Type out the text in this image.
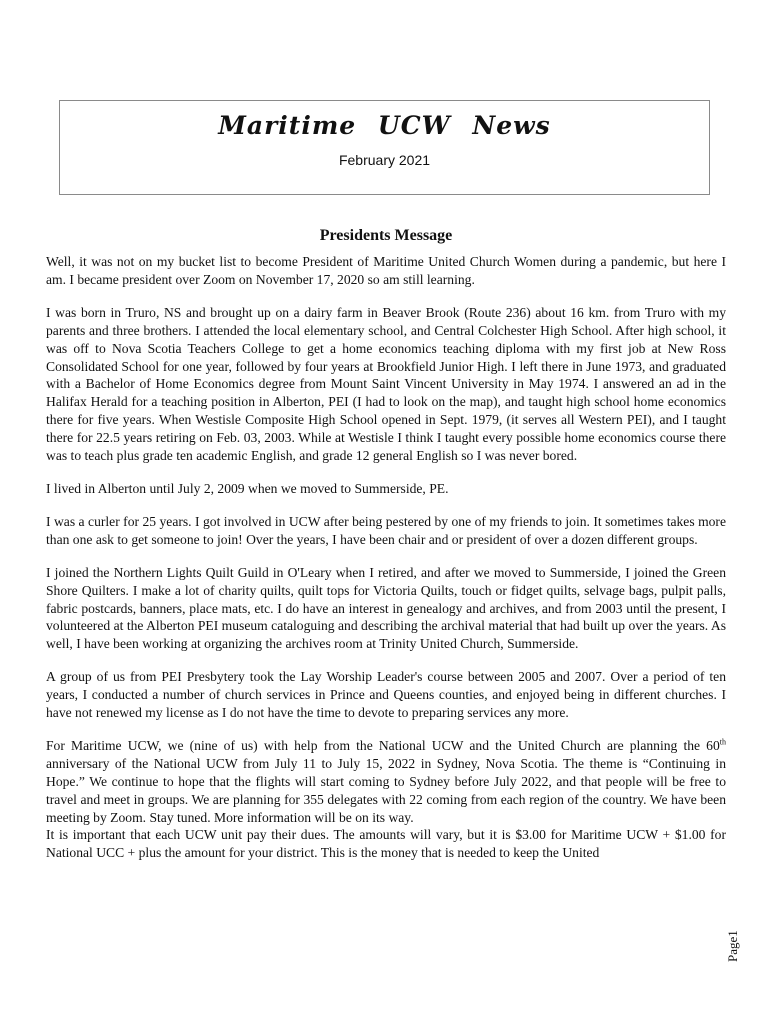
Maritime UCW News
February 2021
Presidents Message

Well, it was not on my bucket list to become President of Maritime United Church Women during a pandemic, but here I am. I became president over Zoom on November 17, 2020 so am still learning.

I was born in Truro, NS and brought up on a dairy farm in Beaver Brook (Route 236) about 16 km. from Truro with my parents and three brothers. I attended the local elementary school, and Central Colchester High School. After high school, it was off to Nova Scotia Teachers College to get a home economics teaching diploma with my first job at New Ross Consolidated School for one year, followed by four years at Brookfield Junior High. I left there in June 1973, and graduated with a Bachelor of Home Economics degree from Mount Saint Vincent University in May 1974. I answered an ad in the Halifax Herald for a teaching position in Alberton, PEI (I had to look on the map), and taught high school home economics there for five years. When Westisle Composite High School opened in Sept. 1979, (it serves all Western PEI), and I taught there for 22.5 years retiring on Feb. 03, 2003. While at Westisle I think I taught every possible home economics course there was to teach plus grade ten academic English, and grade 12 general English so I was never bored.

I lived in Alberton until July 2, 2009 when we moved to Summerside, PE.

I was a curler for 25 years. I got involved in UCW after being pestered by one of my friends to join. It sometimes takes more than one ask to get someone to join! Over the years, I have been chair and or president of over a dozen different groups.

I joined the Northern Lights Quilt Guild in O'Leary when I retired, and after we moved to Summerside, I joined the Green Shore Quilters. I make a lot of charity quilts, quilt tops for Victoria Quilts, touch or fidget quilts, selvage bags, pulpit palls, fabric postcards, banners, place mats, etc. I do have an interest in genealogy and archives, and from 2003 until the present, I volunteered at the Alberton PEI museum cataloguing and describing the archival material that had built up over the years. As well, I have been working at organizing the archives room at Trinity United Church, Summerside.

A group of us from PEI Presbytery took the Lay Worship Leader's course between 2005 and 2007. Over a period of ten years, I conducted a number of church services in Prince and Queens counties, and enjoyed being in different churches. I have not renewed my license as I do not have the time to devote to preparing services any more.

For Maritime UCW, we (nine of us) with help from the National UCW and the United Church are planning the 60th anniversary of the National UCW from July 11 to July 15, 2022 in Sydney, Nova Scotia. The theme is “Continuing in Hope.” We continue to hope that the flights will start coming to Sydney before July 2022, and that people will be free to travel and meet in groups. We are planning for 355 delegates with 22 coming from each region of the country. We have been meeting by Zoom. Stay tuned. More information will be on its way.
It is important that each UCW unit pay their dues. The amounts will vary, but it is $3.00 for Maritime UCW + $1.00 for National UCC + plus the amount for your district. This is the money that is needed to keep the United

Page1
